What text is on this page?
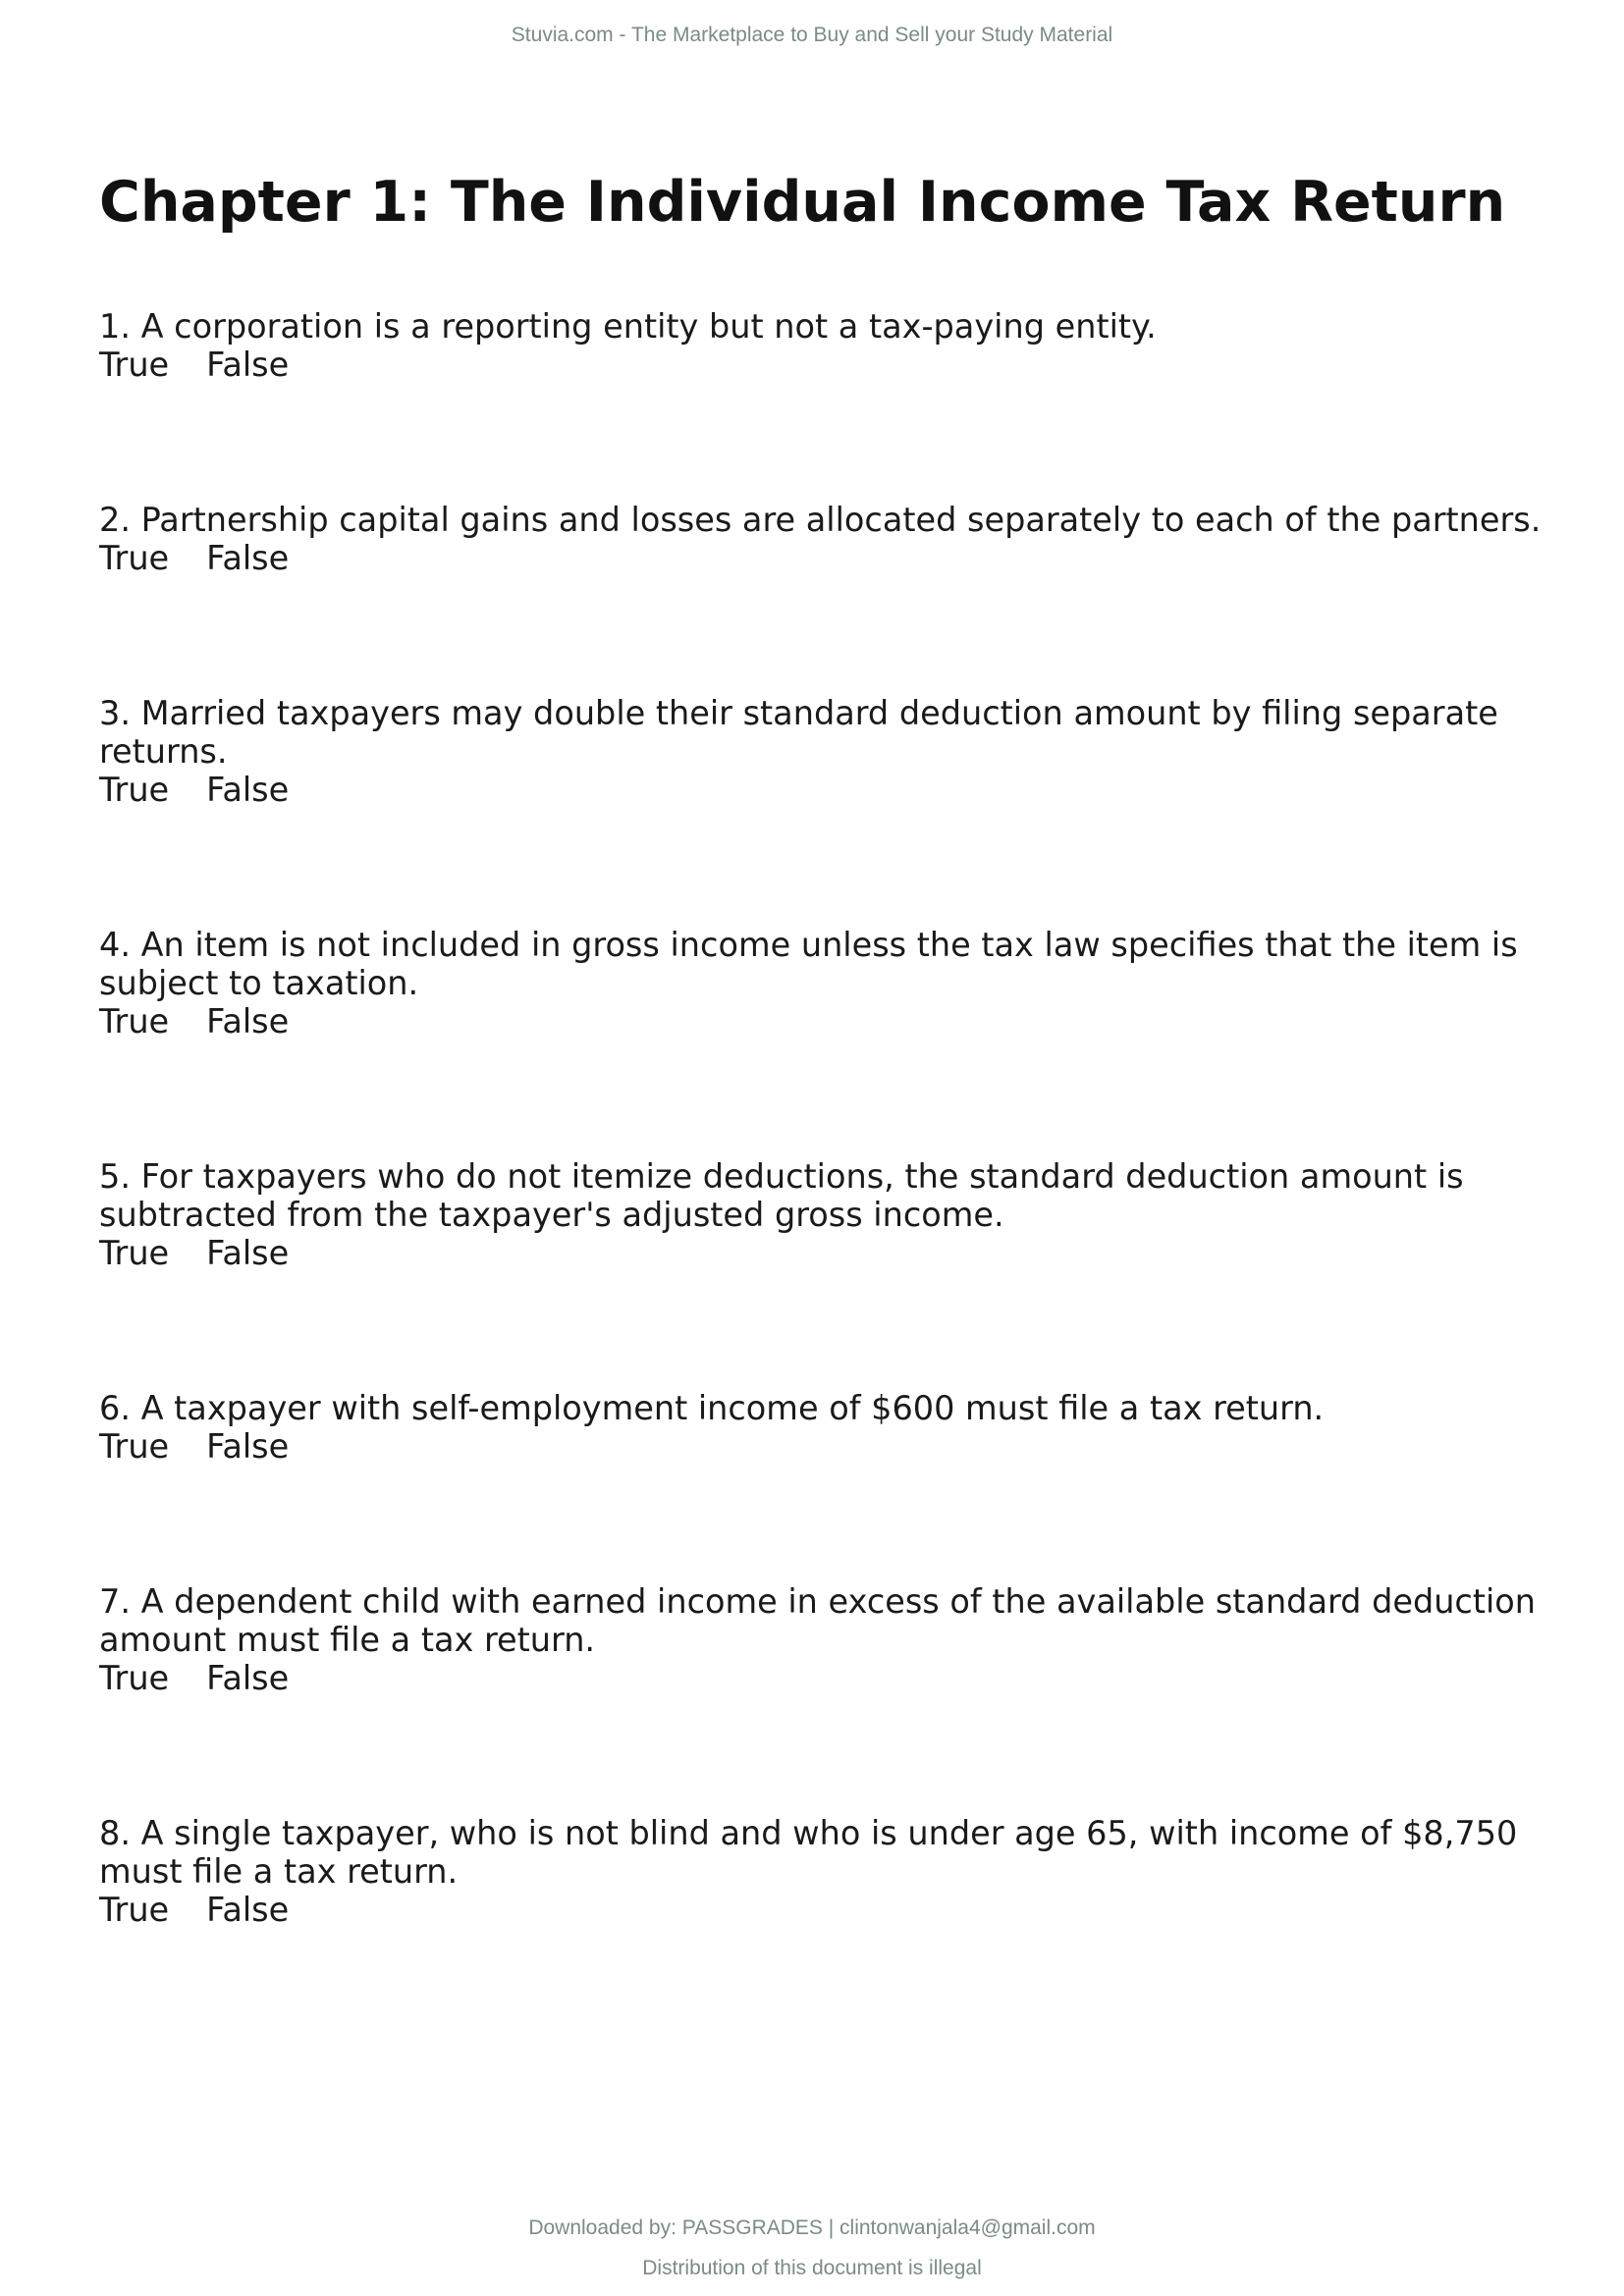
Stuvia.com - The Marketplace to Buy and Sell your Study Material
Chapter 1: The Individual Income Tax Return
1. A corporation is a reporting entity but not a tax-paying entity.
True False
2. Partnership capital gains and losses are allocated separately to each of the partners.
True False
3. Married taxpayers may double their standard deduction amount by filing separate returns.
True False
4. An item is not included in gross income unless the tax law specifies that the item is subject to taxation.
True False
5. For taxpayers who do not itemize deductions, the standard deduction amount is subtracted from the taxpayer's adjusted gross income.
True False
6. A taxpayer with self-employment income of $600 must file a tax return.
True False
7. A dependent child with earned income in excess of the available standard deduction amount must file a tax return.
True False
8. A single taxpayer, who is not blind and who is under age 65, with income of $8,750 must file a tax return.
True False
Downloaded by: PASSGRADES | clintonwanjala4@gmail.com
Distribution of this document is illegal
